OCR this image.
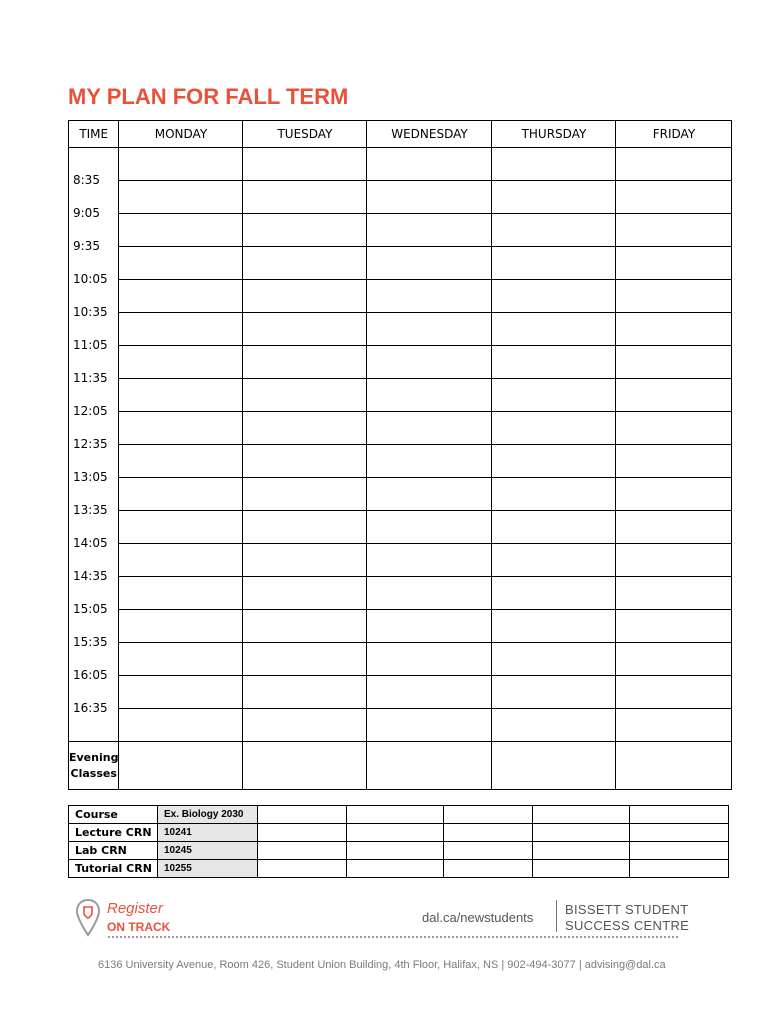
MY PLAN FOR FALL TERM
TIME	MONDAY	TUESDAY	WEDNESDAY	THURSDAY	FRIDAY

8:35					

9:05					

9:35					

10:05					

10:35					

11:05					

11:35					

12:05					

12:35					

13:05					

13:35					

14:05					

14:35					

15:05					

15:35					

16:05					

16:35					

Evening
Classes					

Course	Ex. Biology 2030					
Lecture CRN	10241					
Lab CRN	10245					
Tutorial CRN	10255					
Register
ON TRACK
dal.ca/newstudents
BISSETT STUDENT
SUCCESS CENTRE
6136 University Avenue, Room 426, Student Union Building, 4th Floor, Halifax, NS | 902-494-3077 | advising@dal.ca
